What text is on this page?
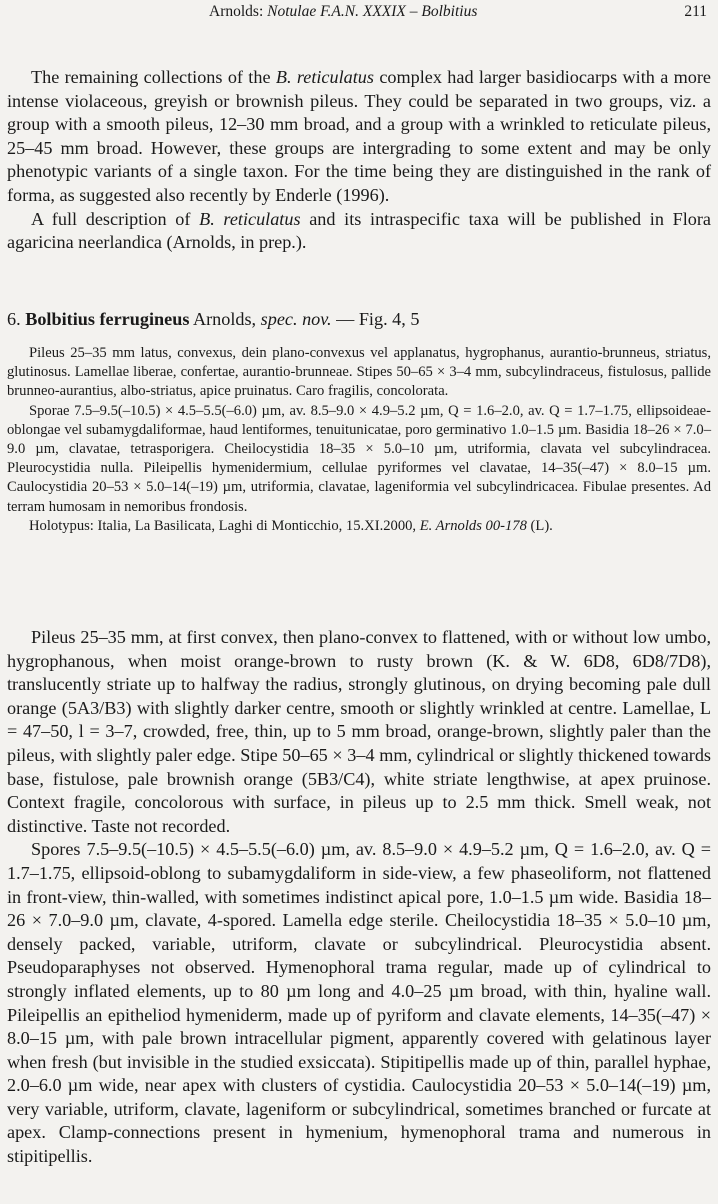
Arnolds: Notulae F.A.N. XXXIX – Bolbitius	211

The remaining collections of the B. reticulatus complex had larger basidiocarps with a more intense violaceous, greyish or brownish pileus. They could be separated in two groups, viz. a group with a smooth pileus, 12–30 mm broad, and a group with a wrinkled to reticulate pileus, 25–45 mm broad. However, these groups are intergrading to some extent and may be only phenotypic variants of a single taxon. For the time being they are distinguished in the rank of forma, as suggested also recently by Enderle (1996).

A full description of B. reticulatus and its intraspecific taxa will be published in Flora agaricina neerlandica (Arnolds, in prep.).

6. Bolbitius ferrugineus Arnolds, spec. nov. — Fig. 4, 5

Pileus 25–35 mm latus, convexus, dein plano-convexus vel applanatus, hygrophanus, aurantio-brunneus, striatus, glutinosus. Lamellae liberae, confertae, aurantio-brunneae. Stipes 50–65 × 3–4 mm, subcylindraceus, fistulosus, pallide brunneo-aurantius, albo-striatus, apice pruinatus. Caro fragilis, concolorata.

Sporae 7.5–9.5(–10.5) × 4.5–5.5(–6.0) µm, av. 8.5–9.0 × 4.9–5.2 µm, Q = 1.6–2.0, av. Q = 1.7–1.75, ellipsoideae-oblongae vel subamygdaliformae, haud lentiformes, tenuitunicatae, poro germinativo 1.0–1.5 µm. Basidia 18–26 × 7.0–9.0 µm, clavatae, tetrasporigera. Cheilocystidia 18–35 × 5.0–10 µm, utriformia, clavata vel subcylindracea. Pleurocystidia nulla. Pileipellis hymenidermium, cellulae pyriformes vel clavatae, 14–35(–47) × 8.0–15 µm. Caulocystidia 20–53 × 5.0–14(–19) µm, utriformia, clavatae, lageniformia vel subcylindricacea. Fibulae presentes. Ad terram humosam in nemoribus frondosis.

Holotypus: Italia, La Basilicata, Laghi di Monticchio, 15.XI.2000, E. Arnolds 00-178 (L).

Pileus 25–35 mm, at first convex, then plano-convex to flattened, with or without low umbo, hygrophanous, when moist orange-brown to rusty brown (K. & W. 6D8, 6D8/7D8), translucently striate up to halfway the radius, strongly glutinous, on drying becoming pale dull orange (5A3/B3) with slightly darker centre, smooth or slightly wrinkled at centre. Lamellae, L = 47–50, l = 3–7, crowded, free, thin, up to 5 mm broad, orange-brown, slightly paler than the pileus, with slightly paler edge. Stipe 50–65 × 3–4 mm, cylindrical or slightly thickened towards base, fistulose, pale brownish orange (5B3/C4), white striate lengthwise, at apex pruinose. Context fragile, concolorous with surface, in pileus up to 2.5 mm thick. Smell weak, not distinctive. Taste not recorded.

Spores 7.5–9.5(–10.5) × 4.5–5.5(–6.0) µm, av. 8.5–9.0 × 4.9–5.2 µm, Q = 1.6–2.0, av. Q = 1.7–1.75, ellipsoid-oblong to subamygdaliform in side-view, a few phaseoliform, not flattened in front-view, thin-walled, with sometimes indistinct apical pore, 1.0–1.5 µm wide. Basidia 18–26 × 7.0–9.0 µm, clavate, 4-spored. Lamella edge sterile. Cheilocystidia 18–35 × 5.0–10 µm, densely packed, variable, utriform, clavate or subcylindrical. Pleurocystidia absent. Pseudoparaphyses not observed. Hymenophoral trama regular, made up of cylindrical to strongly inflated elements, up to 80 µm long and 4.0–25 µm broad, with thin, hyaline wall. Pileipellis an epitheliod hymeniderm, made up of pyriform and clavate elements, 14–35(–47) × 8.0–15 µm, with pale brown intracellular pigment, apparently covered with gelatinous layer when fresh (but invisible in the studied exsiccata). Stipitipellis made up of thin, parallel hyphae, 2.0–6.0 µm wide, near apex with clusters of cystidia. Caulocystidia 20–53 × 5.0–14(–19) µm, very variable, utriform, clavate, lageniform or subcylindrical, sometimes branched or furcate at apex. Clamp-connections present in hymenium, hymenophoral trama and numerous in stipitipellis.
